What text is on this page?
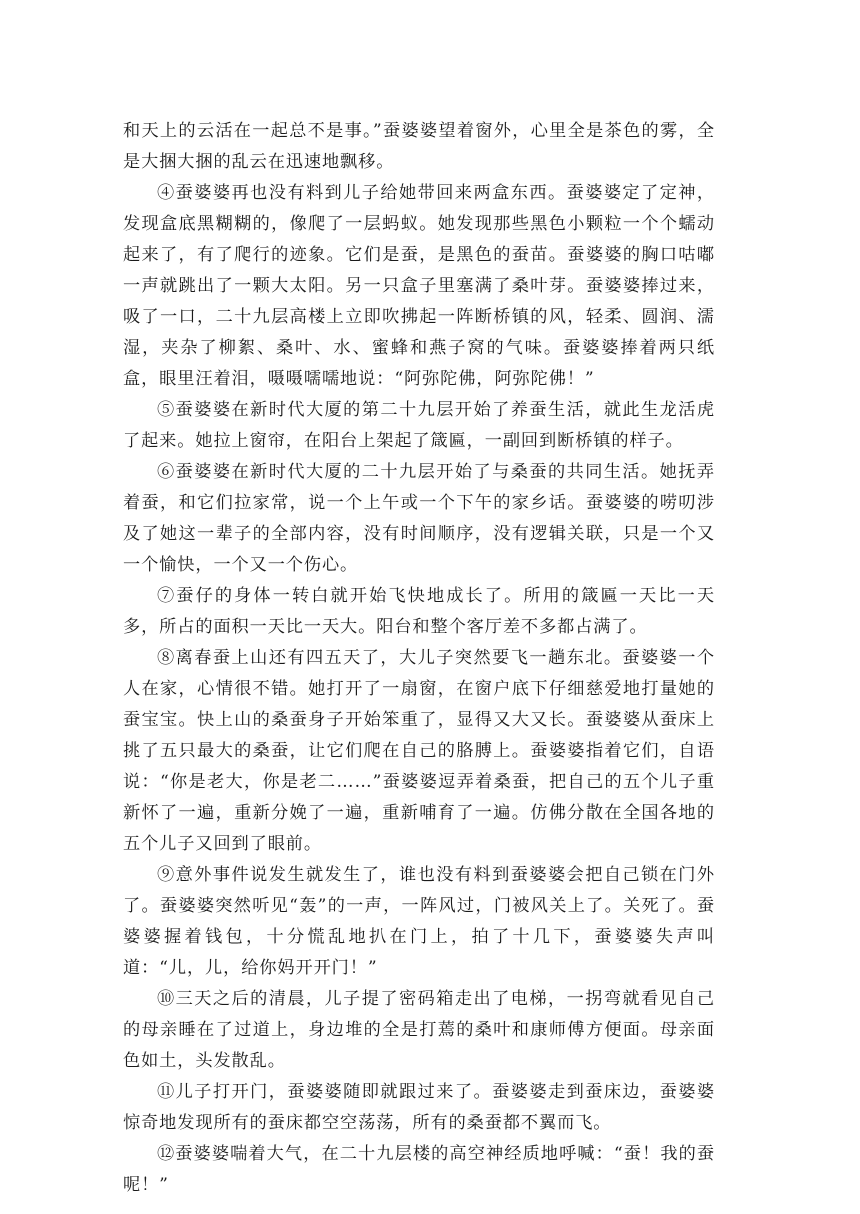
和天上的云活在一起总不是事。”蚕婆婆望着窗外，心里全是茶色的雾，全是大捆大捆的乱云在迅速地飘移。

④蚕婆婆再也没有料到儿子给她带回来两盒东西。蚕婆婆定了定神，发现盒底黑糊糊的，像爬了一层蚂蚁。她发现那些黑色小颗粒一个个蠕动起来了，有了爬行的迹象。它们是蚕，是黑色的蚕苗。蚕婆婆的胸口咕嘟一声就跳出了一颗大太阳。另一只盒子里塞满了桑叶芽。蚕婆婆捧过来，吸了一口，二十九层高楼上立即吹拂起一阵断桥镇的风，轻柔、圆润、濡湿，夹杂了柳絮、桑叶、水、蜜蜂和燕子窝的气味。蚕婆婆捧着两只纸盒，眼里汪着泪，嗫嗫嚅嚅地说：“阿弥陀佛，阿弥陀佛！”

⑤蚕婆婆在新时代大厦的第二十九层开始了养蚕生活，就此生龙活虎了起来。她拉上窗帘，在阳台上架起了箴匾，一副回到断桥镇的样子。

⑥蚕婆婆在新时代大厦的二十九层开始了与桑蚕的共同生活。她抚弄着蚕，和它们拉家常，说一个上午或一个下午的家乡话。蚕婆婆的唠叨涉及了她这一辈子的全部内容，没有时间顺序，没有逻辑关联，只是一个又一个愉快，一个又一个伤心。

⑦蚕仔的身体一转白就开始飞快地成长了。所用的箴匾一天比一天多，所占的面积一天比一天大。阳台和整个客厅差不多都占满了。

⑧离春蚕上山还有四五天了，大儿子突然要飞一趟东北。蚕婆婆一个人在家，心情很不错。她打开了一扇窗，在窗户底下仔细慈爱地打量她的蚕宝宝。快上山的桑蚕身子开始笨重了，显得又大又长。蚕婆婆从蚕床上挑了五只最大的桑蚕，让它们爬在自己的胳膊上。蚕婆婆指着它们，自语说：“你是老大，你是老二……”蚕婆婆逗弄着桑蚕，把自己的五个儿子重新怀了一遍，重新分娩了一遍，重新哺育了一遍。仿佛分散在全国各地的五个儿子又回到了眼前。

⑨意外事件说发生就发生了，谁也没有料到蚕婆婆会把自己锁在门外了。蚕婆婆突然听见“轰”的一声，一阵风过，门被风关上了。关死了。蚕婆婆握着钱包，十分慌乱地扒在门上，拍了十几下，蚕婆婆失声叫道：“儿，儿，给你妈开开门！”

⑩三天之后的清晨，儿子提了密码箱走出了电梯，一拐弯就看见自己的母亲睡在了过道上，身边堆的全是打蔫的桑叶和康师傅方便面。母亲面色如土，头发散乱。

⑪儿子打开门，蚕婆婆随即就跟过来了。蚕婆婆走到蚕床边，蚕婆婆惊奇地发现所有的蚕床都空空荡荡，所有的桑蚕都不翼而飞。

⑫蚕婆婆喘着大气，在二十九层楼的高空神经质地呼喊：“蚕！我的蚕呢！”
